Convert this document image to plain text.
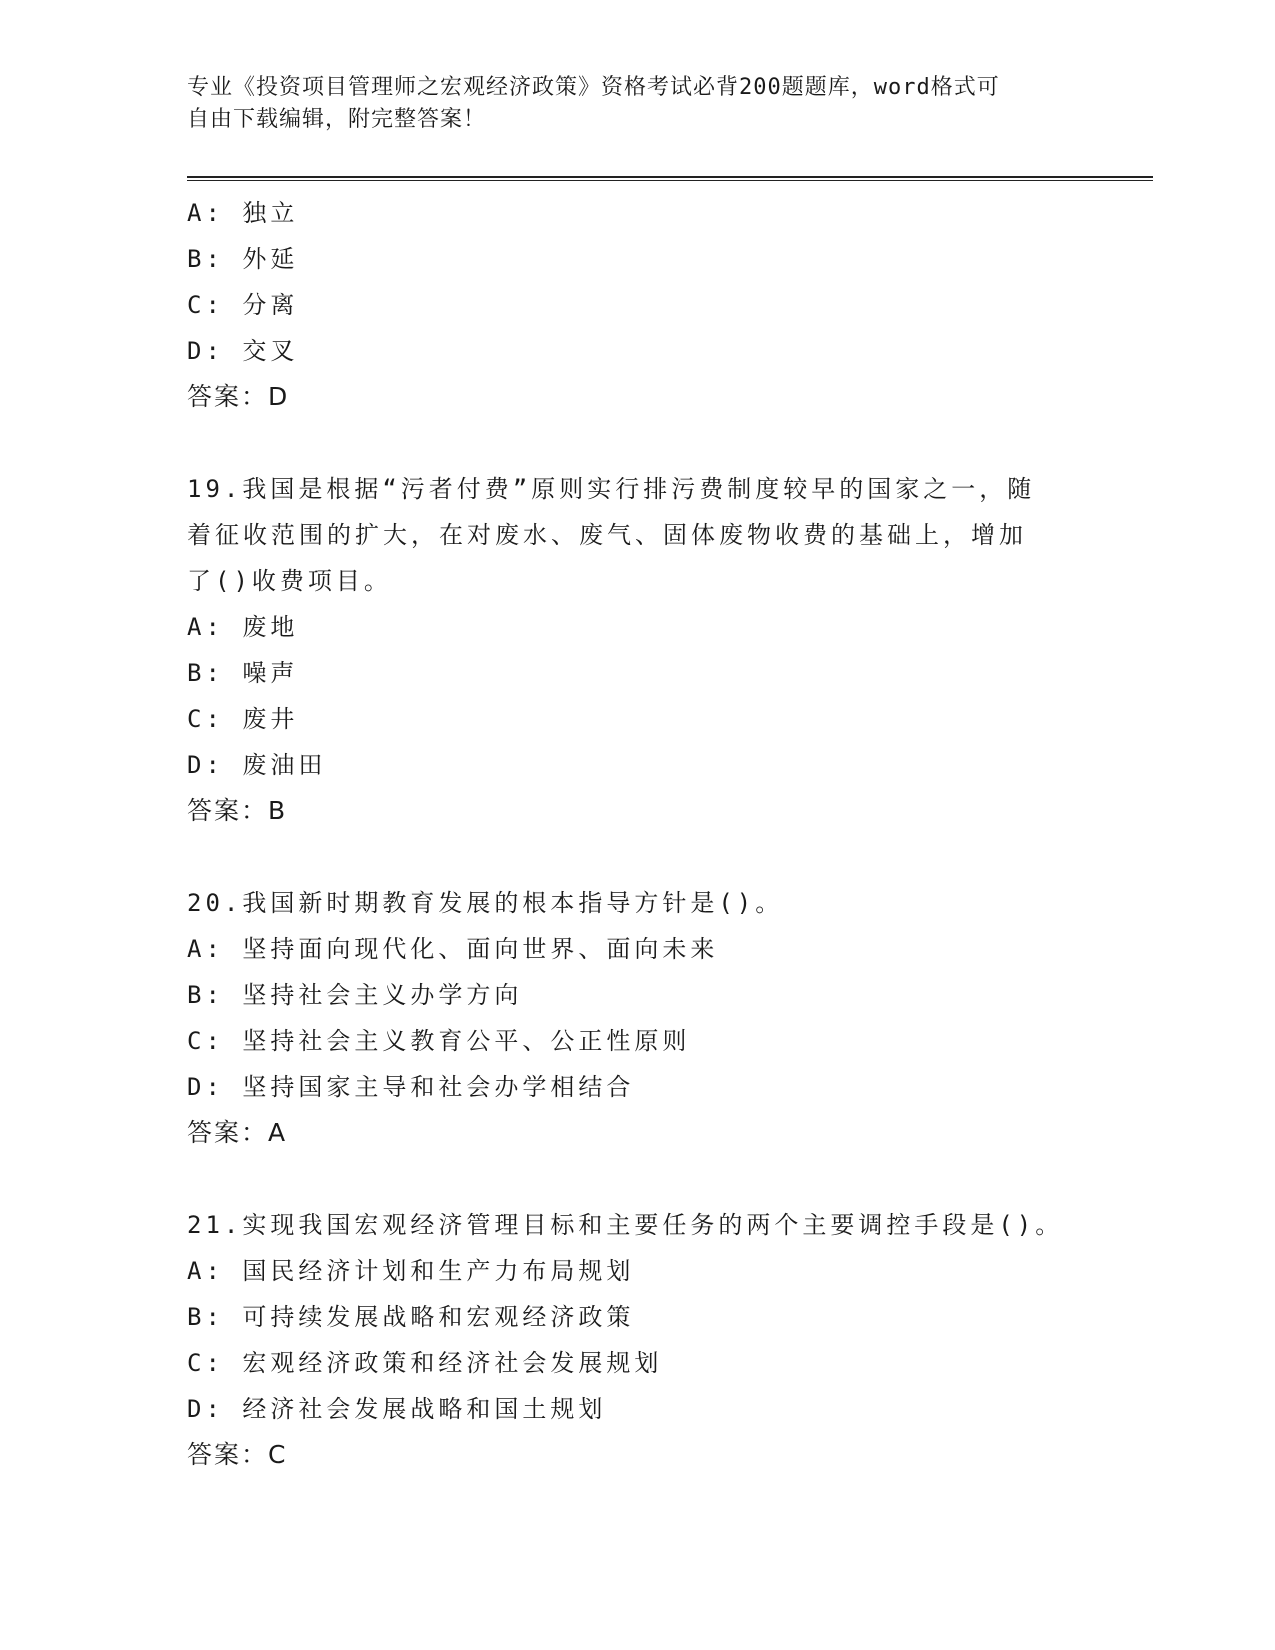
专业《投资项目管理师之宏观经济政策》资格考试必背200题题库，word格式可
自由下载编辑，附完整答案！
A: 独立
B: 外延
C: 分离
D: 交叉
答案：D
19.我国是根据“污者付费”原则实行排污费制度较早的国家之一，随
着征收范围的扩大，在对废水、废气、固体废物收费的基础上，增加
了()收费项目。
A: 废地
B: 噪声
C: 废井
D: 废油田
答案：B
20.我国新时期教育发展的根本指导方针是()。
A: 坚持面向现代化、面向世界、面向未来
B: 坚持社会主义办学方向
C: 坚持社会主义教育公平、公正性原则
D: 坚持国家主导和社会办学相结合
答案：A
21.实现我国宏观经济管理目标和主要任务的两个主要调控手段是()。
A: 国民经济计划和生产力布局规划
B: 可持续发展战略和宏观经济政策
C: 宏观经济政策和经济社会发展规划
D: 经济社会发展战略和国土规划
答案：C
